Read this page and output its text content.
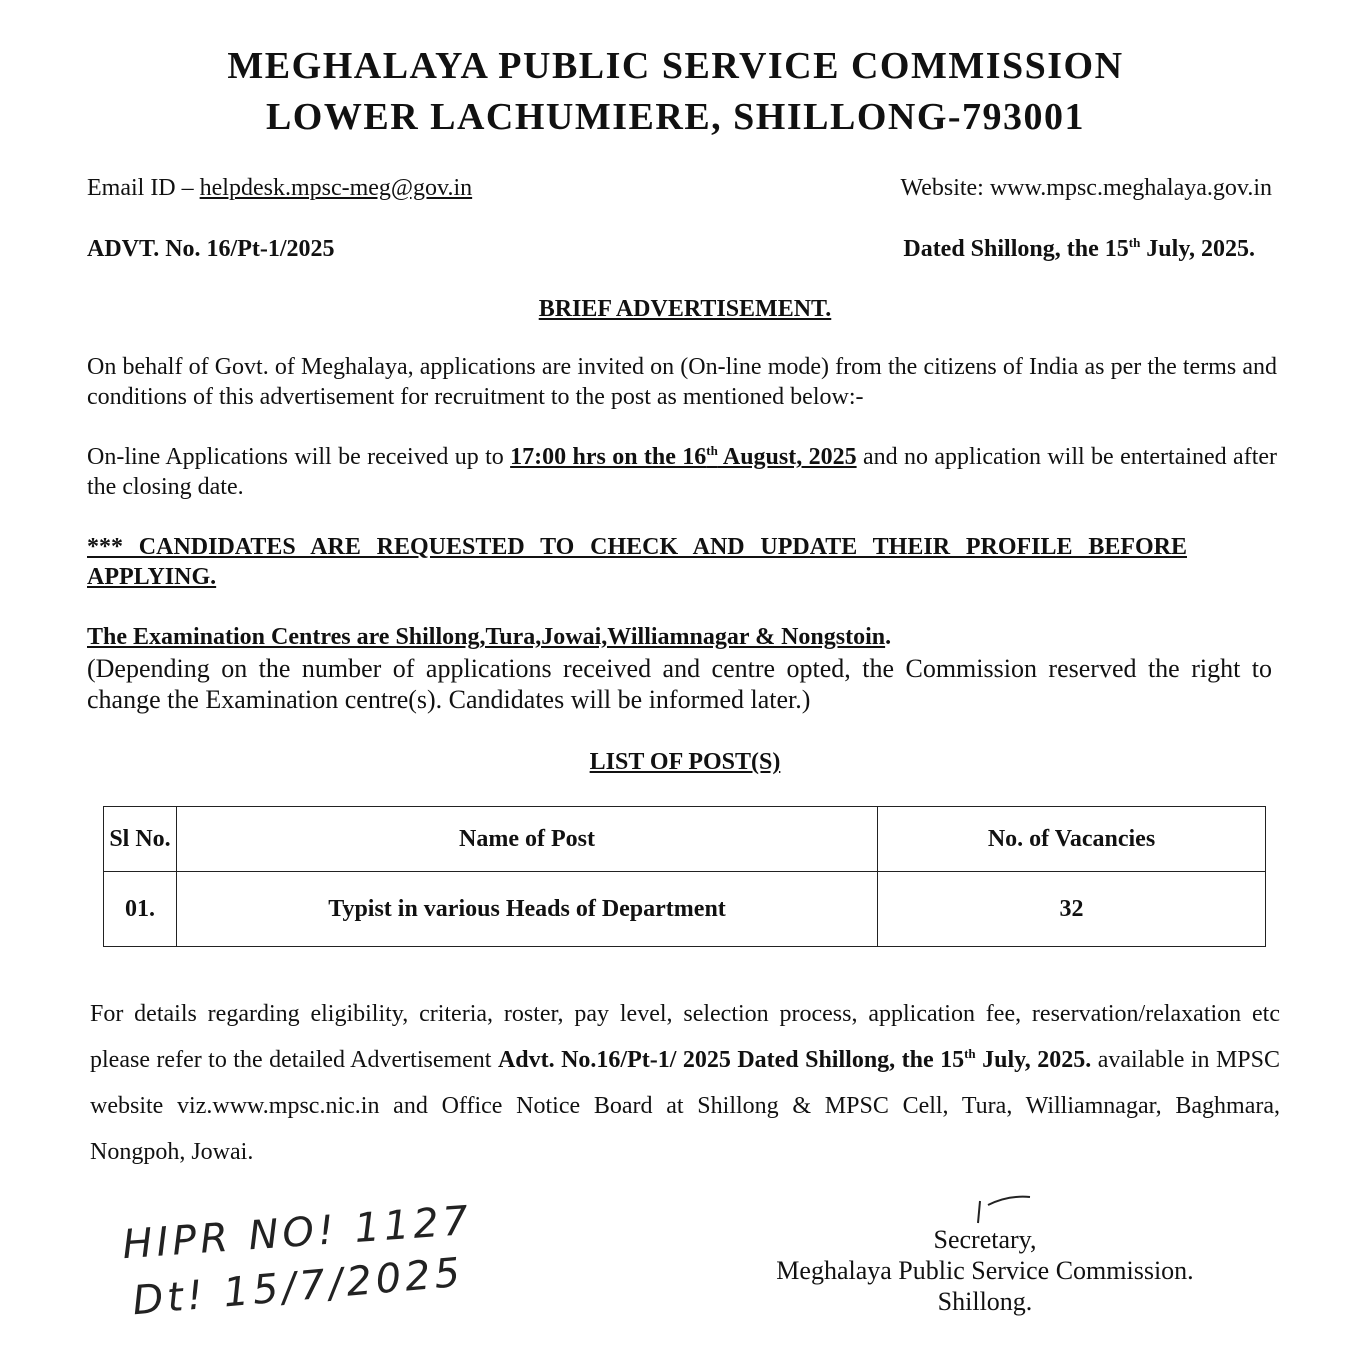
MEGHALAYA PUBLIC SERVICE COMMISSION
LOWER LACHUMIERE, SHILLONG-793001
Email ID – helpdesk.mpsc-meg@gov.in	Website: www.mpsc.meghalaya.gov.in
ADVT. No. 16/Pt-1/2025	Dated Shillong, the 15th July, 2025.
BRIEF ADVERTISEMENT.
On behalf of Govt. of Meghalaya, applications are invited on (On-line mode) from the citizens of India as per the terms and conditions of this advertisement for recruitment to the post as mentioned below:-
On-line Applications will be received up to 17:00 hrs on the 16th August, 2025 and no application will be entertained after the closing date.
*** CANDIDATES ARE REQUESTED TO CHECK AND UPDATE THEIR PROFILE BEFORE APPLYING.
The Examination Centres are Shillong,Tura,Jowai,Williamnagar & Nongstoin.
(Depending on the number of applications received and centre opted, the Commission reserved the right to change the Examination centre(s). Candidates will be informed later.)
LIST OF POST(S)
Sl No.	Name of Post	No. of Vacancies
01.	Typist in various Heads of Department	32
For details regarding eligibility, criteria, roster, pay level, selection process, application fee, reservation/relaxation etc please refer to the detailed Advertisement Advt. No.16/Pt-1/ 2025 Dated Shillong, the 15th July, 2025. available in MPSC website viz.www.mpsc.nic.in and Office Notice Board at Shillong & MPSC Cell, Tura, Williamnagar, Baghmara, Nongpoh, Jowai.
HIPR NO! 1127
Dt! 15/7/2025
Secretary,
Meghalaya Public Service Commission.
Shillong.
